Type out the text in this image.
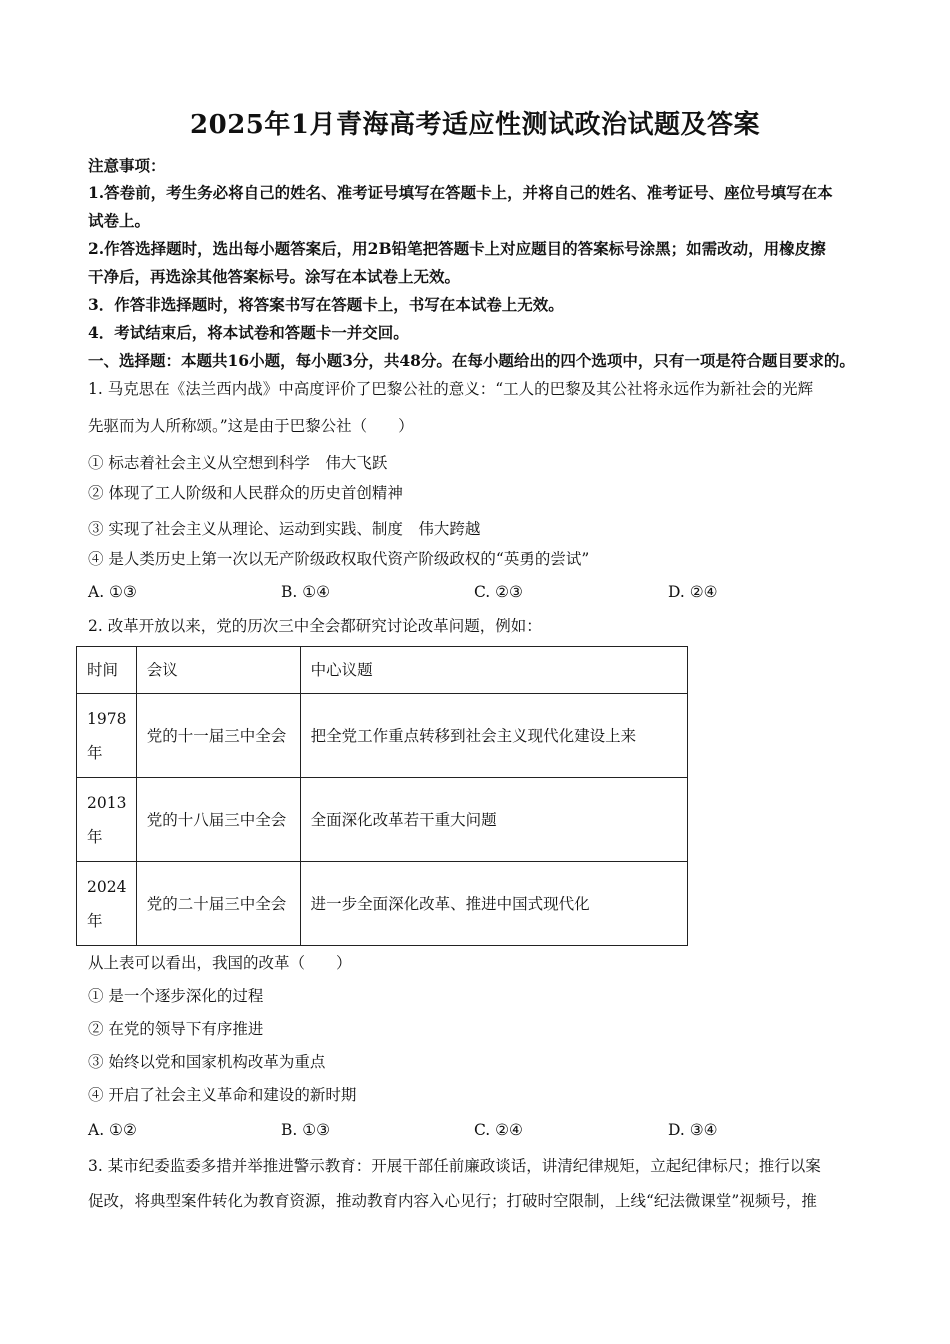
2025年1月青海高考适应性测试政治试题及答案
注意事项：
1.答卷前，考生务必将自己的姓名、准考证号填写在答题卡上，并将自己的姓名、准考证号、座位号填写在本
试卷上。
2.作答选择题时，选出每小题答案后，用2B铅笔把答题卡上对应题目的答案标号涂黑；如需改动，用橡皮擦
干净后，再选涂其他答案标号。涂写在本试卷上无效。
3．作答非选择题时，将答案书写在答题卡上，书写在本试卷上无效。
4．考试结束后，将本试卷和答题卡一并交回。
一、选择题：本题共16小题，每小题3分，共48分。在每小题给出的四个选项中，只有一项是符合题目要求的。
1. 马克思在《法兰西内战》中高度评价了巴黎公社的意义：“工人的巴黎及其公社将永远作为新社会的光辉
先驱而为人所称颂。”这是由于巴黎公社（　　）
① 标志着社会主义从空想到科学　伟大飞跃
② 体现了工人阶级和人民群众的历史首创精神
③ 实现了社会主义从理论、运动到实践、制度　伟大跨越
④ 是人类历史上第一次以无产阶级政权取代资产阶级政权的“英勇的尝试”
A. ①③	B. ①④	C. ②③	D. ②④
2. 改革开放以来，党的历次三中全会都研究讨论改革问题，例如：
时间	会议	中心议题
1978年	党的十一届三中全会	把全党工作重点转移到社会主义现代化建设上来
2013年	党的十八届三中全会	全面深化改革若干重大问题
2024年	党的二十届三中全会	进一步全面深化改革、推进中国式现代化
从上表可以看出，我国的改革（　　）
① 是一个逐步深化的过程
② 在党的领导下有序推进
③ 始终以党和国家机构改革为重点
④ 开启了社会主义革命和建设的新时期
A. ①②	B. ①③	C. ②④	D. ③④
3. 某市纪委监委多措并举推进警示教育：开展干部任前廉政谈话，讲清纪律规矩，立起纪律标尺；推行以案
促改，将典型案件转化为教育资源，推动教育内容入心见行；打破时空限制，上线“纪法微课堂”视频号，推
